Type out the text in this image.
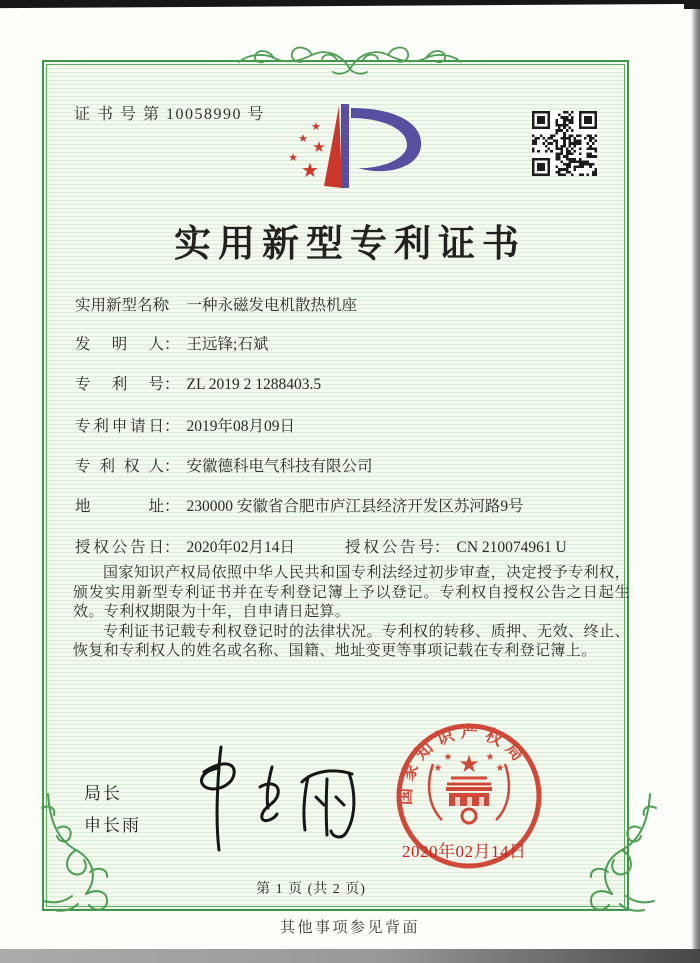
证 书 号 第 10058990 号
★
★ ★
★
★
实用新型专利证书
实用新型名称： 一种永磁发电机散热机座
发明人： 王远锋;石斌
专利号： ZL 2019 2 1288403.5
专利申请日： 2019年08月09日
专利权人： 安徽德科电气科技有限公司
地址： 230000 安徽省合肥市庐江县经济开发区苏河路9号
授权公告日： 2020年02月14日	授权公告号： CN 210074961 U

国家知识产权局依照中华人民共和国专利法经过初步审查，决定授予专利权，颁发实用新型专利证书并在专利登记簿上予以登记。专利权自授权公告之日起生效。专利权期限为十年，自申请日起算。

专利证书记载专利权登记时的法律状况。专利权的转移、质押、无效、终止、恢复和专利权人的姓名或名称、国籍、地址变更等事项记载在专利登记簿上。

局长
申长雨
国家知识产权局
★
★
★
★
★
2020年02月14日
第 1 页 (共 2 页)
其他事项参见背面
